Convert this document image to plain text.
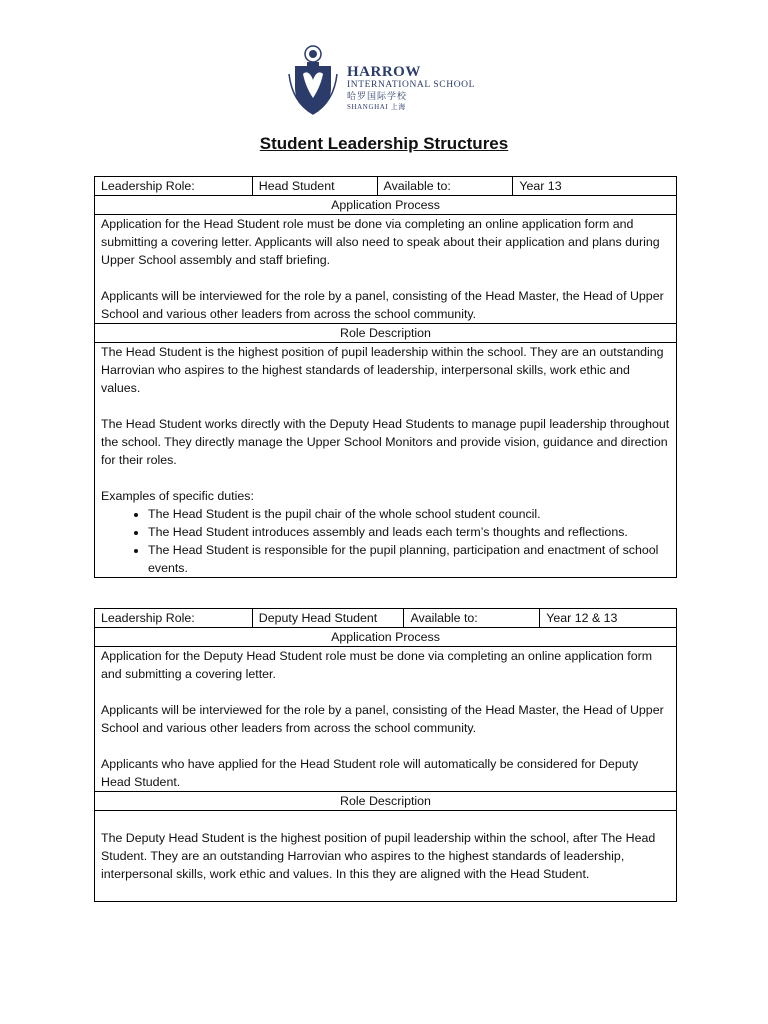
HARROW
INTERNATIONAL SCHOOL
哈罗国际学校
SHANGHAI 上海
Student Leadership Structures
Leadership Role:	Head Student	Available to:	Year 13
Application Process

Application for the Head Student role must be done via completing an online application form and submitting a covering letter. Applicants will also need to speak about their application and plans during Upper School assembly and staff briefing.

Applicants will be interviewed for the role by a panel, consisting of the Head Master, the Head of Upper School and various other leaders from across the school community.

Role Description

The Head Student is the highest position of pupil leadership within the school. They are an outstanding Harrovian who aspires to the highest standards of leadership, interpersonal skills, work ethic and values.

The Head Student works directly with the Deputy Head Students to manage pupil leadership throughout the school. They directly manage the Upper School Monitors and provide vision, guidance and direction for their roles.

Examples of specific duties:

• The Head Student is the pupil chair of the whole school student council.
• The Head Student introduces assembly and leads each term’s thoughts and reflections.
• The Head Student is responsible for the pupil planning, participation and enactment of school events.
Leadership Role:	Deputy Head Student	Available to:	Year 12 & 13
Application Process

Application for the Deputy Head Student role must be done via completing an online application form and submitting a covering letter.

Applicants will be interviewed for the role by a panel, consisting of the Head Master, the Head of Upper School and various other leaders from across the school community.

Applicants who have applied for the Head Student role will automatically be considered for Deputy Head Student.

Role Description

The Deputy Head Student is the highest position of pupil leadership within the school, after The Head Student. They are an outstanding Harrovian who aspires to the highest standards of leadership, interpersonal skills, work ethic and values. In this they are aligned with the Head Student.
